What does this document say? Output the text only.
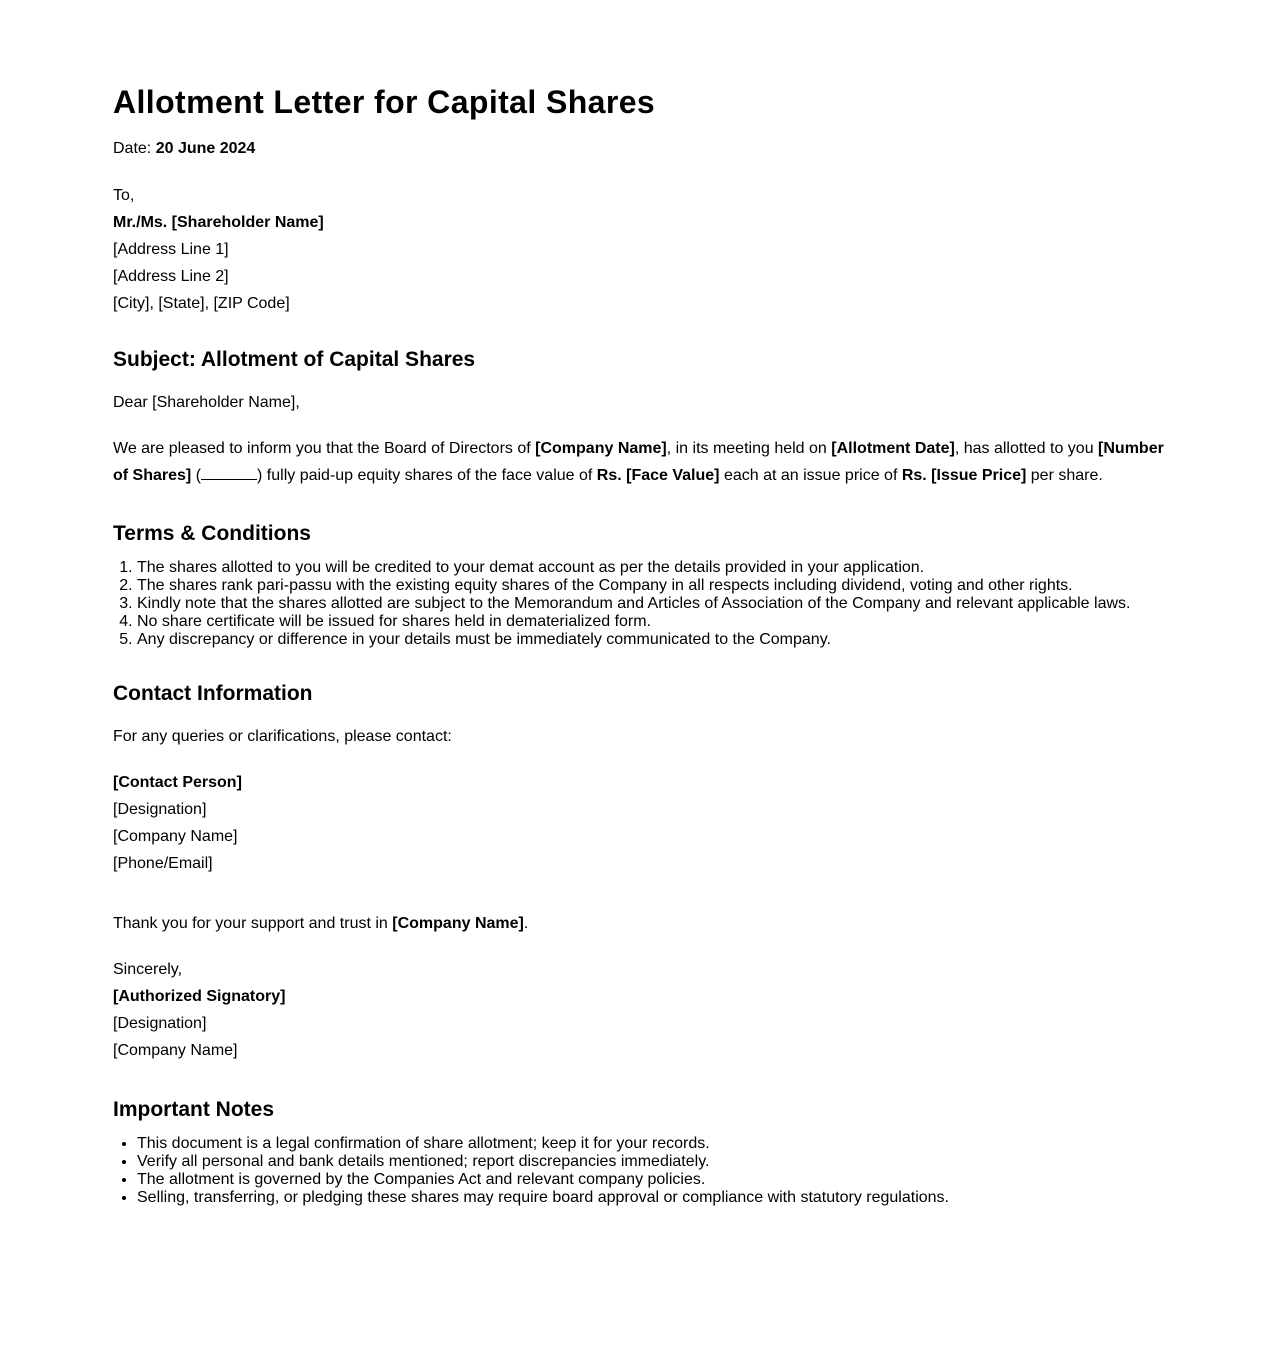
Allotment Letter for Capital Shares

Date: 20 June 2024

To,

Mr./Ms. [Shareholder Name]

[Address Line 1]

[Address Line 2]

[City], [State], [ZIP Code]

Subject: Allotment of Capital Shares

Dear [Shareholder Name],

We are pleased to inform you that the Board of Directors of [Company Name], in its meeting held on [Allotment Date], has allotted to you [Number of Shares] (	) fully paid-up equity shares of the face value of Rs. [Face Value] each at an issue price of Rs. [Issue Price] per share.

Terms & Conditions
1. The shares allotted to you will be credited to your demat account as per the details provided in your application.
2. The shares rank pari-passu with the existing equity shares of the Company in all respects including dividend, voting and other rights.
3. Kindly note that the shares allotted are subject to the Memorandum and Articles of Association of the Company and relevant applicable laws.
4. No share certificate will be issued for shares held in dematerialized form.
5. Any discrepancy or difference in your details must be immediately communicated to the Company.
Contact Information

For any queries or clarifications, please contact:

[Contact Person]

[Designation]

[Company Name]

[Phone/Email]

Thank you for your support and trust in [Company Name].

Sincerely,

[Authorized Signatory]

[Designation]

[Company Name]

Important Notes
• This document is a legal confirmation of share allotment; keep it for your records.
• Verify all personal and bank details mentioned; report discrepancies immediately.
• The allotment is governed by the Companies Act and relevant company policies.
• Selling, transferring, or pledging these shares may require board approval or compliance with statutory regulations.
